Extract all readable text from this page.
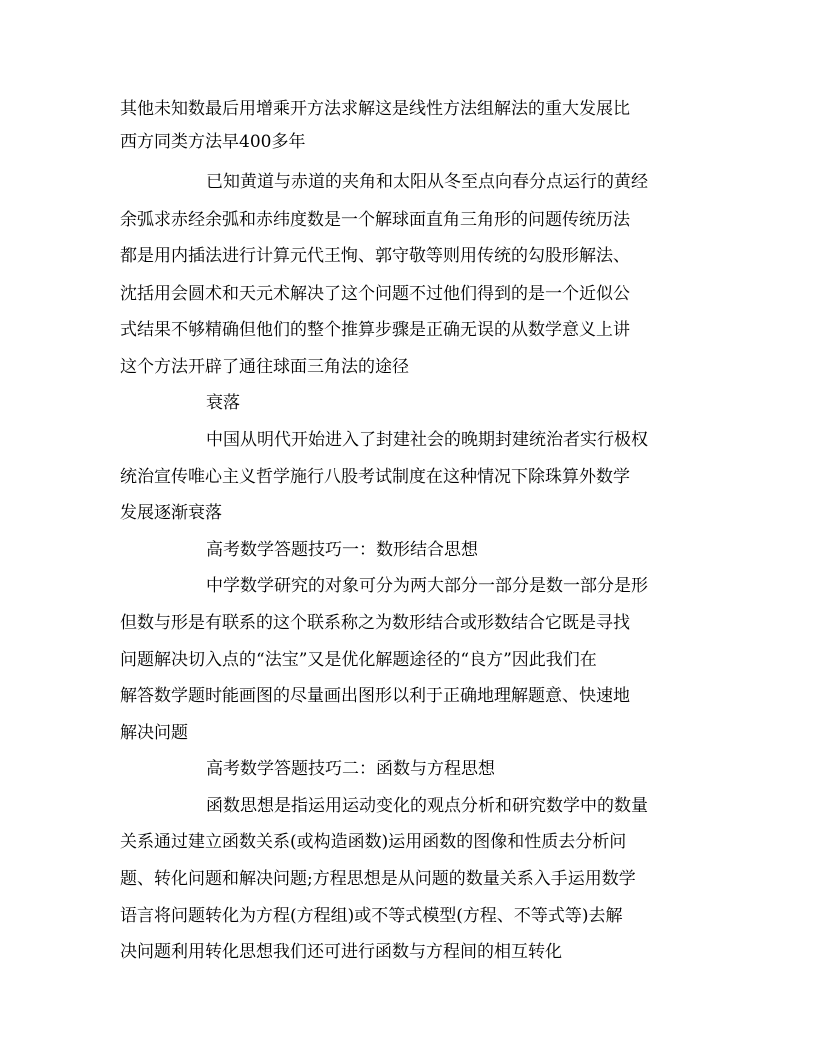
其他未知数最后用增乘开方法求解这是线性方法组解法的重大发展比
西方同类方法早400多年
已知黄道与赤道的夹角和太阳从冬至点向春分点运行的黄经
余弧求赤经余弧和赤纬度数是一个解球面直角三角形的问题传统历法
都是用内插法进行计算元代王恂、郭守敬等则用传统的勾股形解法、
沈括用会圆术和天元术解决了这个问题不过他们得到的是一个近似公
式结果不够精确但他们的整个推算步骤是正确无误的从数学意义上讲
这个方法开辟了通往球面三角法的途径
衰落
中国从明代开始进入了封建社会的晚期封建统治者实行极权
统治宣传唯心主义哲学施行八股考试制度在这种情况下除珠算外数学
发展逐渐衰落
高考数学答题技巧一：数形结合思想
中学数学研究的对象可分为两大部分一部分是数一部分是形
但数与形是有联系的这个联系称之为数形结合或形数结合它既是寻找
问题解决切入点的“法宝”又是优化解题途径的“良方”因此我们在
解答数学题时能画图的尽量画出图形以利于正确地理解题意、快速地
解决问题
高考数学答题技巧二：函数与方程思想
函数思想是指运用运动变化的观点分析和研究数学中的数量
关系通过建立函数关系(或构造函数)运用函数的图像和性质去分析问
题、转化问题和解决问题;方程思想是从问题的数量关系入手运用数学
语言将问题转化为方程(方程组)或不等式模型(方程、不等式等)去解
决问题利用转化思想我们还可进行函数与方程间的相互转化
